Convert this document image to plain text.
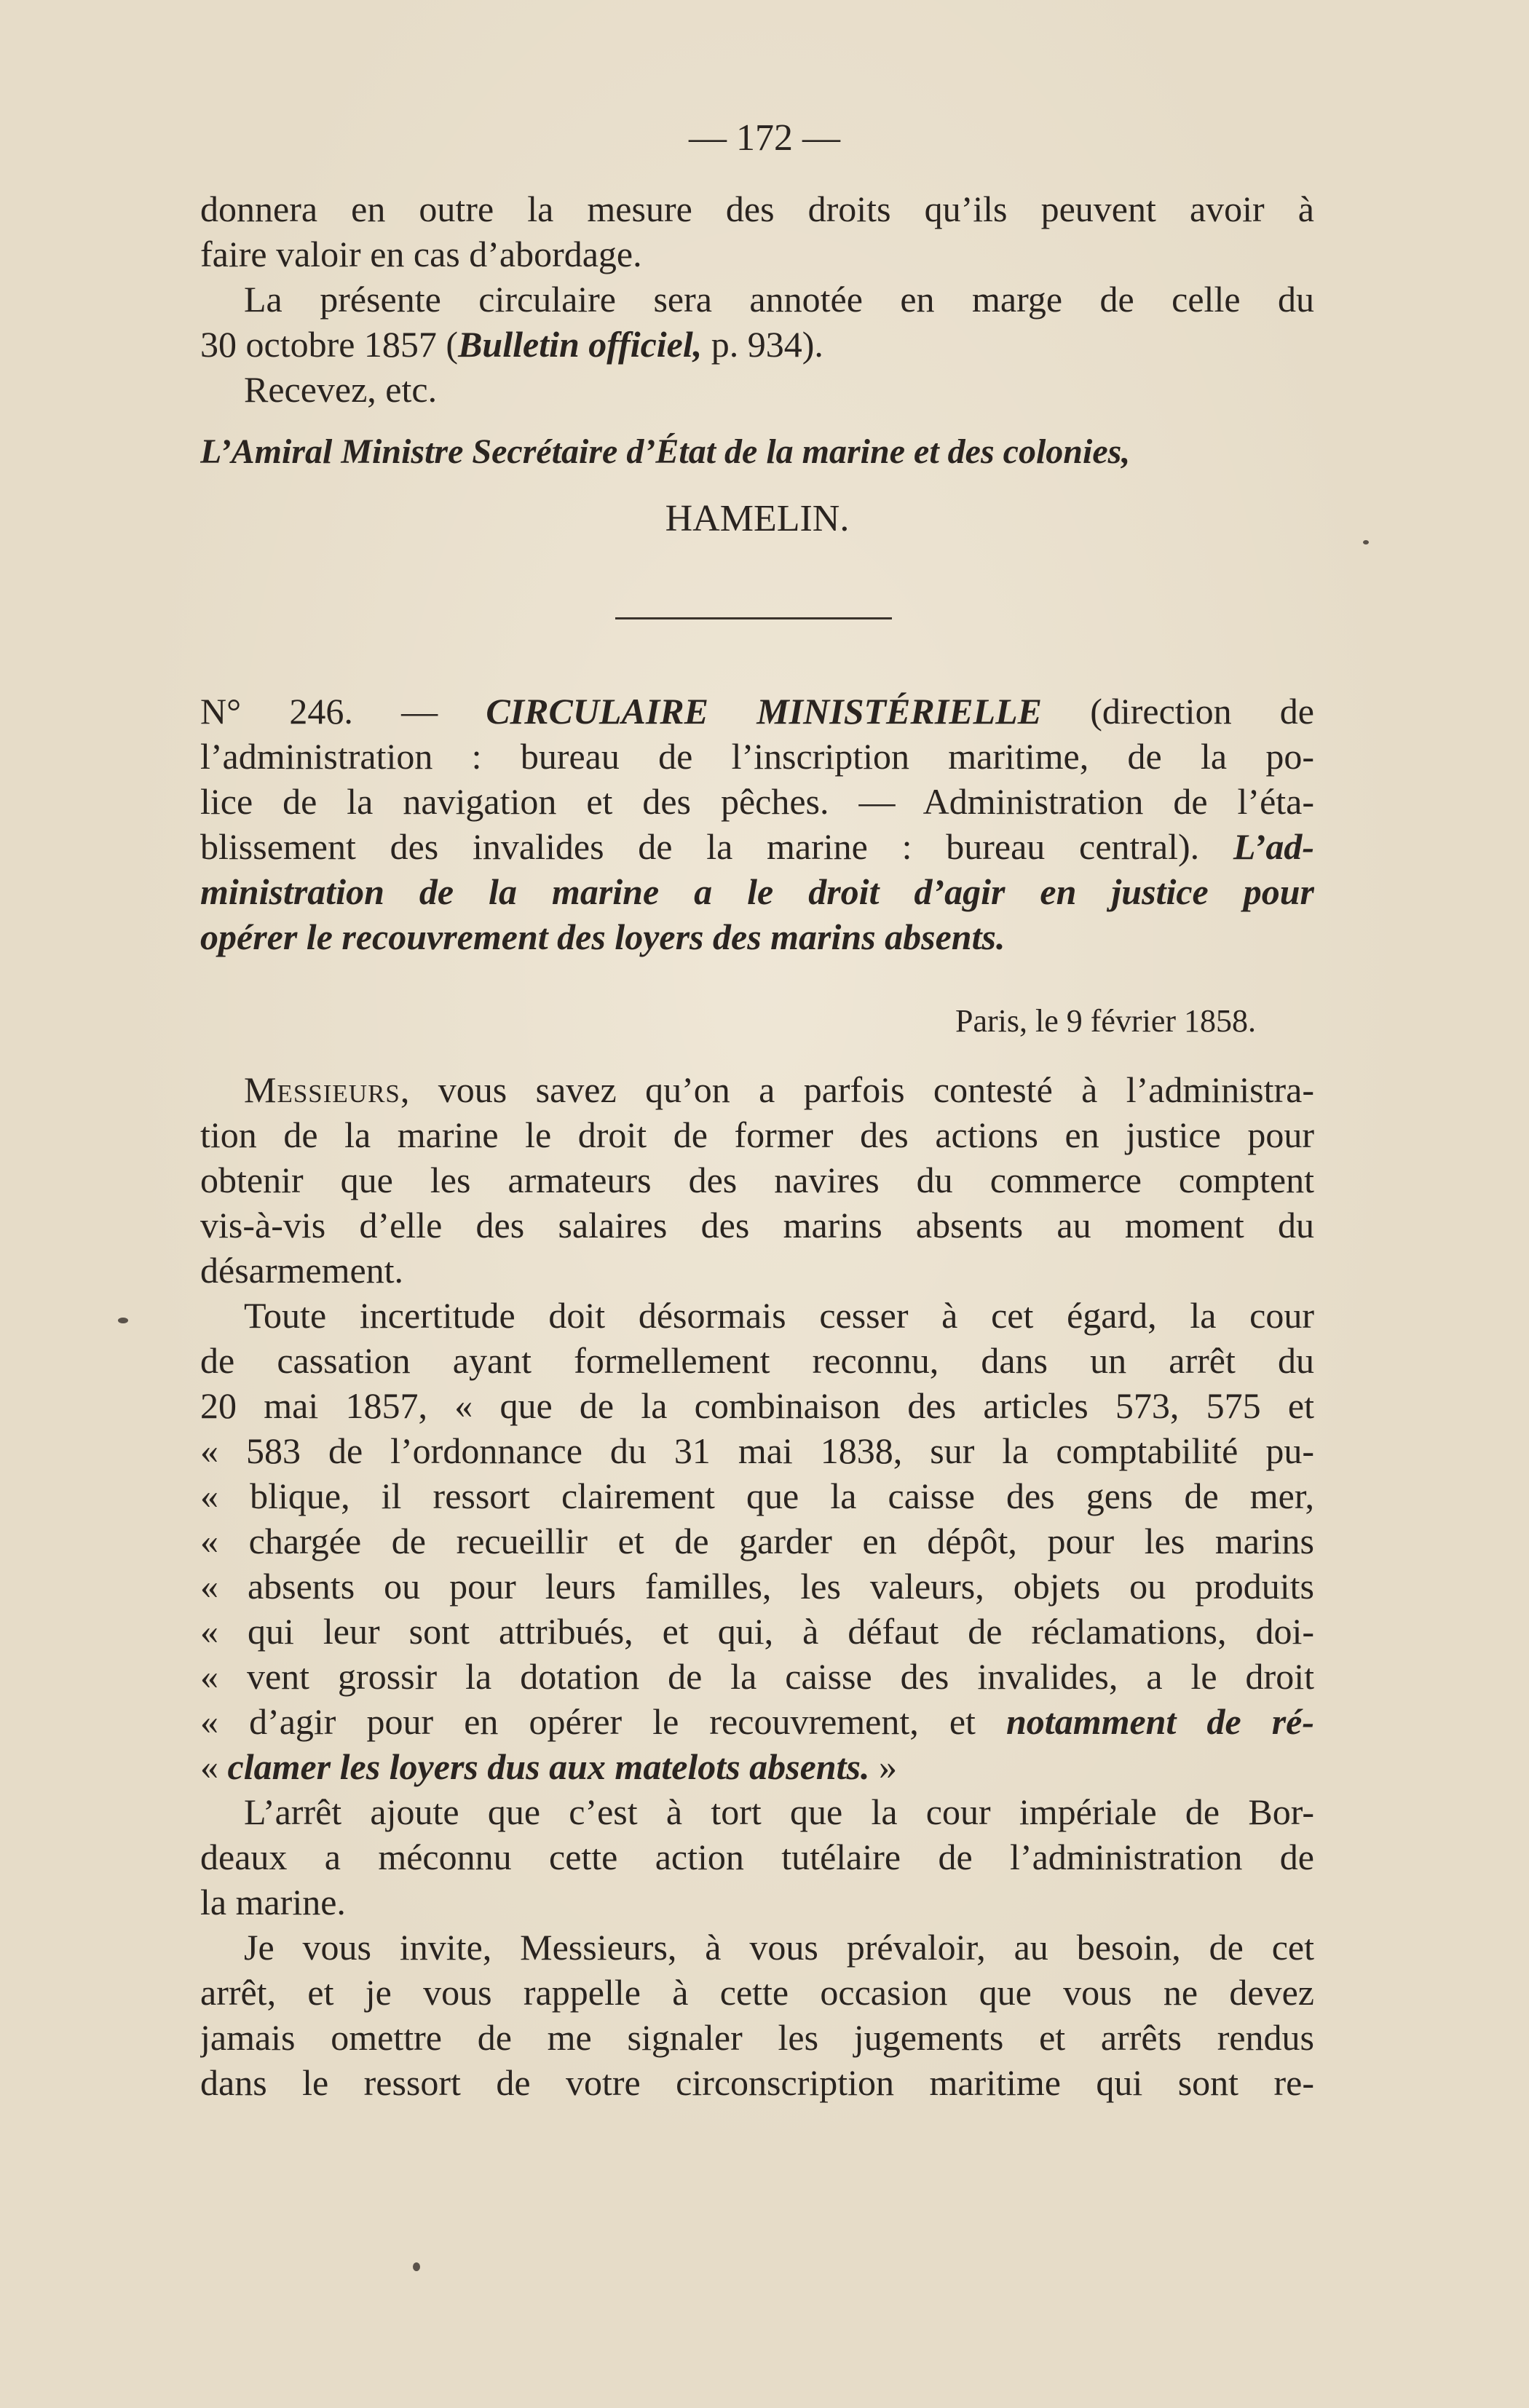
— 172 —
donnera en outre la mesure des droits qu’ils peuvent avoir à
faire valoir en cas d’abordage.
La présente circulaire sera annotée en marge de celle du
30 octobre 1857 (Bulletin officiel, p. 934).
Recevez, etc.
L’Amiral Ministre Secrétaire d’État de la marine et des colonies,
HAMELIN.
N° 246. — CIRCULAIRE MINISTÉRIELLE (direction de
l’administration : bureau de l’inscription maritime, de la po-
lice de la navigation et des pêches. — Administration de l’éta-
blissement des invalides de la marine : bureau central). L’ad-
ministration de la marine a le droit d’agir en justice pour
opérer le recouvrement des loyers des marins absents.
Paris, le 9 février 1858.
Messieurs, vous savez qu’on a parfois contesté à l’administra-
tion de la marine le droit de former des actions en justice pour
obtenir que les armateurs des navires du commerce comptent
vis-à-vis d’elle des salaires des marins absents au moment du
désarmement.
Toute incertitude doit désormais cesser à cet égard, la cour
de cassation ayant formellement reconnu, dans un arrêt du
20 mai 1857, « que de la combinaison des articles 573, 575 et
« 583 de l’ordonnance du 31 mai 1838, sur la comptabilité pu-
« blique, il ressort clairement que la caisse des gens de mer,
« chargée de recueillir et de garder en dépôt, pour les marins
« absents ou pour leurs familles, les valeurs, objets ou produits
« qui leur sont attribués, et qui, à défaut de réclamations, doi-
« vent grossir la dotation de la caisse des invalides, a le droit
« d’agir pour en opérer le recouvrement, et notamment de ré-
« clamer les loyers dus aux matelots absents. »
L’arrêt ajoute que c’est à tort que la cour impériale de Bor-
deaux a méconnu cette action tutélaire de l’administration de
la marine.
Je vous invite, Messieurs, à vous prévaloir, au besoin, de cet
arrêt, et je vous rappelle à cette occasion que vous ne devez
jamais omettre de me signaler les jugements et arrêts rendus
dans le ressort de votre circonscription maritime qui sont re-
